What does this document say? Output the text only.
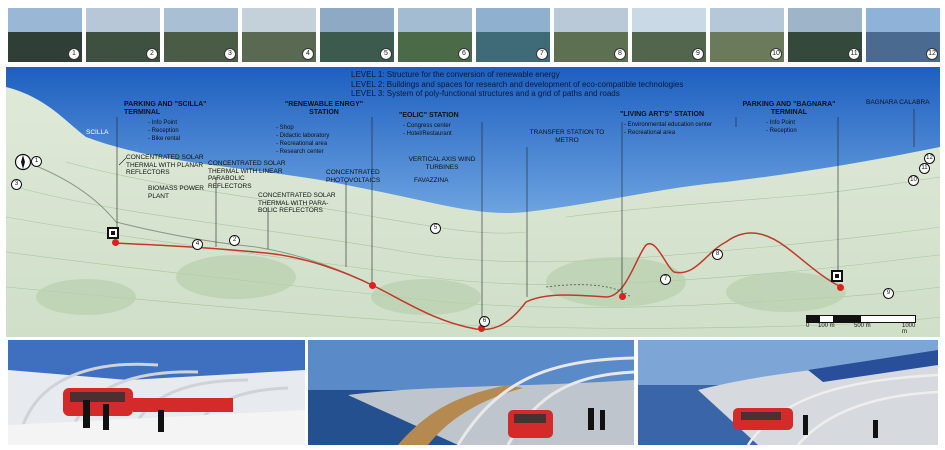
1	2	3	4	5	6	7	8	9	10	11	12
LEVEL 1: Structure for the conversion of renewable energy
LEVEL 2: Buildings and spaces for research and development of eco-compatible technologies
LEVEL 3: System of poly-functional structures and a grid of paths and roads
SCILLA
BAGNARA CALABRA
FAVAZZINA
PARKING AND "SCILLA" TERMINAL
- Info Point
- Reception
- Bike rental
"RENEWABLE ENRGY" STATION
- Shop
- Didactic laboratory
- Recreational area
- Research center
"EOLIC" STATION
- Congress center
- Hotel/Restaurant
"LIVING ART'S" STATION
- Environmental education center
- Recreational area
PARKING AND "BAGNARA" TERMINAL
- Info Point
- Reception
CONCENTRATED SOLAR THERMAL WITH PLANAR REFLECTORS
BIOMASS POWER PLANT
CONCENTRATED SOLAR THERMAL WITH LINEAR PARABOLIC REFLECTORS
CONCENTRATED SOLAR THERMAL WITH PARA- BOLIC REFLECTORS
CONCENTRATED PHOTOVOLTAICS
VERTICAL AXIS WIND TURBINES
TRANSFER STATION TO METRO
1
2
3
4
5
6
7
8
9
10
11
12
0 100 m	500 m	1000 m
